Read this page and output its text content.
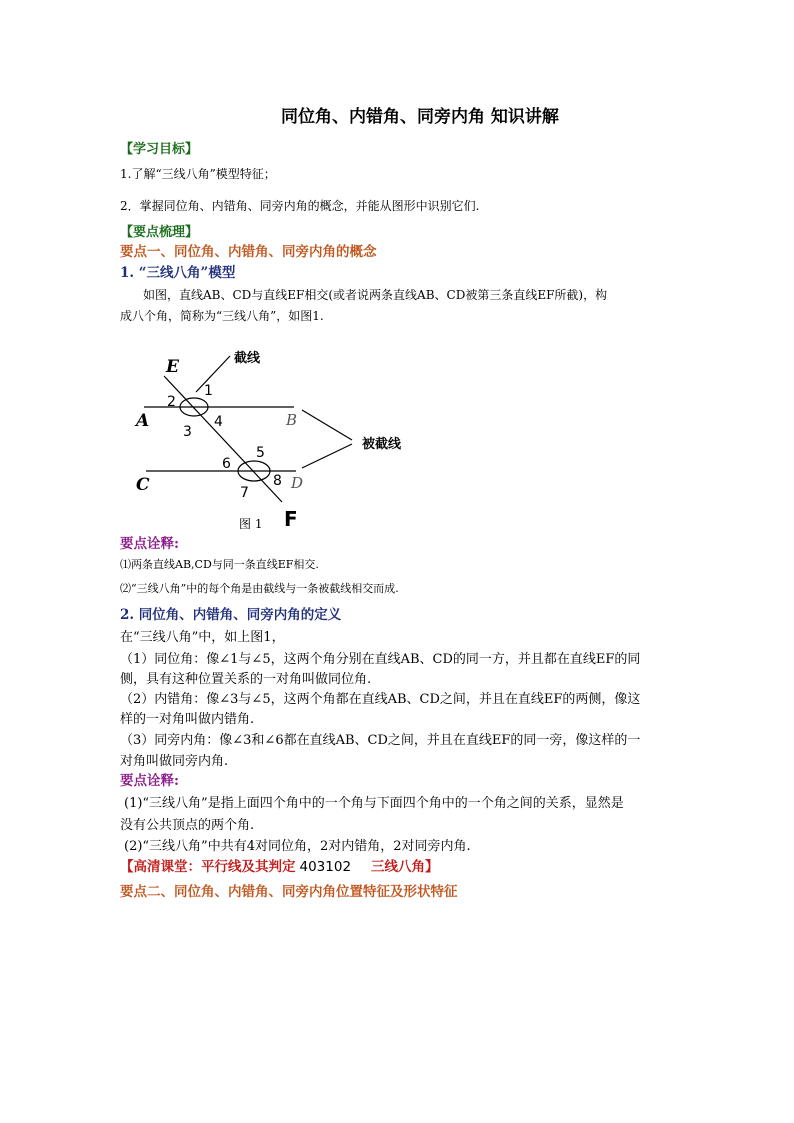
同位角、内错角、同旁内角 知识讲解
【学习目标】
1.了解“三线八角”模型特征；
2．掌握同位角、内错角、同旁内角的概念，并能从图形中识别它们.
【要点梳理】
要点一、同位角、内错角、同旁内角的概念
1. “三线八角”模型
如图，直线AB、CD与直线EF相交(或者说两条直线AB、CD被第三条直线EF所截)，构
成八个角，简称为“三线八角”，如图1.
E
A
C
F
B
D
1
2
3
4
5
6
7
8
截线
被截线
图 1
要点诠释:
⑴两条直线AB,CD与同一条直线EF相交.
⑵“三线八角”中的每个角是由截线与一条被截线相交而成.
2. 同位角、内错角、同旁内角的定义
在“三线八角”中，如上图1，
（1）同位角：像∠1与∠5，这两个角分别在直线AB、CD的同一方，并且都在直线EF的同
侧，具有这种位置关系的一对角叫做同位角.
（2）内错角：像∠3与∠5，这两个角都在直线AB、CD之间，并且在直线EF的两侧，像这
样的一对角叫做内错角.
（3）同旁内角：像∠3和∠6都在直线AB、CD之间，并且在直线EF的同一旁，像这样的一
对角叫做同旁内角.
要点诠释:
(1)“三线八角”是指上面四个角中的一个角与下面四个角中的一个角之间的关系，显然是
没有公共顶点的两个角.
(2)“三线八角”中共有4对同位角，2对内错角，2对同旁内角.
【高清课堂：平行线及其判定 403102 三线八角】
要点二、同位角、内错角、同旁内角位置特征及形状特征
